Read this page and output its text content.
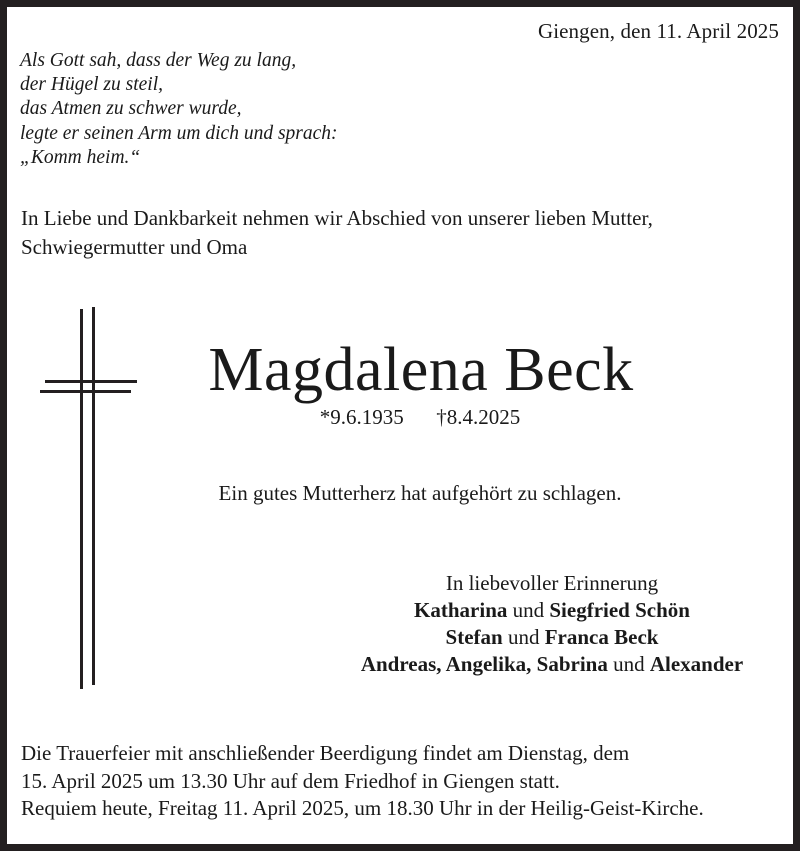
Giengen, den 11. April 2025
Als Gott sah, dass der Weg zu lang,
der Hügel zu steil,
das Atmen zu schwer wurde,
legte er seinen Arm um dich und sprach:
„Komm heim.“
In Liebe und Dankbarkeit nehmen wir Abschied von unserer lieben Mutter,
Schwiegermutter und Oma
Magdalena Beck
*9.6.1935 †8.4.2025
Ein gutes Mutterherz hat aufgehört zu schlagen.
In liebevoller Erinnerung
Katharina und Siegfried Schön
Stefan und Franca Beck
Andreas, Angelika, Sabrina und Alexander
Die Trauerfeier mit anschließender Beerdigung findet am Dienstag, dem
15. April 2025 um 13.30 Uhr auf dem Friedhof in Giengen statt.
Requiem heute, Freitag 11. April 2025, um 18.30 Uhr in der Heilig-Geist-Kirche.
